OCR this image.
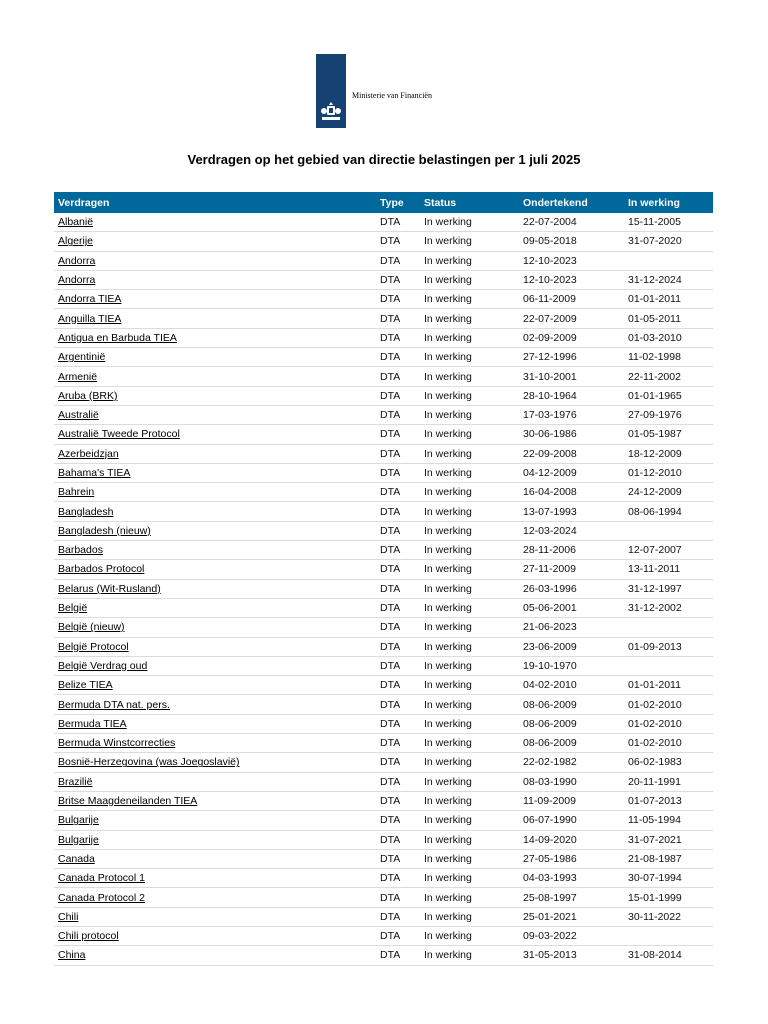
Ministerie van Financiën
Verdragen op het gebied van directie belastingen per 1 juli 2025
Verdragen	Type	Status	Ondertekend	In werking
Albanië	DTA	In werking	22-07-2004	15-11-2005
Algerije	DTA	In werking	09-05-2018	31-07-2020
Andorra	DTA	In werking	12-10-2023	
Andorra	DTA	In werking	12-10-2023	31-12-2024
Andorra TIEA	DTA	In werking	06-11-2009	01-01-2011
Anguilla TIEA	DTA	In werking	22-07-2009	01-05-2011
Antigua en Barbuda TIEA	DTA	In werking	02-09-2009	01-03-2010
Argentinië	DTA	In werking	27-12-1996	11-02-1998
Armenië	DTA	In werking	31-10-2001	22-11-2002
Aruba (BRK)	DTA	In werking	28-10-1964	01-01-1965
Australië	DTA	In werking	17-03-1976	27-09-1976
Australië Tweede Protocol	DTA	In werking	30-06-1986	01-05-1987
Azerbeidzjan	DTA	In werking	22-09-2008	18-12-2009
Bahama's TIEA	DTA	In werking	04-12-2009	01-12-2010
Bahrein	DTA	In werking	16-04-2008	24-12-2009
Bangladesh	DTA	In werking	13-07-1993	08-06-1994
Bangladesh (nieuw)	DTA	In werking	12-03-2024	
Barbados	DTA	In werking	28-11-2006	12-07-2007
Barbados Protocol	DTA	In werking	27-11-2009	13-11-2011
Belarus (Wit-Rusland)	DTA	In werking	26-03-1996	31-12-1997
België	DTA	In werking	05-06-2001	31-12-2002
België (nieuw)	DTA	In werking	21-06-2023	
België Protocol	DTA	In werking	23-06-2009	01-09-2013
België Verdrag oud	DTA	In werking	19-10-1970	
Belize TIEA	DTA	In werking	04-02-2010	01-01-2011
Bermuda DTA nat. pers.	DTA	In werking	08-06-2009	01-02-2010
Bermuda TIEA	DTA	In werking	08-06-2009	01-02-2010
Bermuda Winstcorrecties	DTA	In werking	08-06-2009	01-02-2010
Bosnië-Herzegovina (was Joegoslavië)	DTA	In werking	22-02-1982	06-02-1983
Brazilië	DTA	In werking	08-03-1990	20-11-1991
Britse Maagdeneilanden TIEA	DTA	In werking	11-09-2009	01-07-2013
Bulgarije	DTA	In werking	06-07-1990	11-05-1994
Bulgarije	DTA	In werking	14-09-2020	31-07-2021
Canada	DTA	In werking	27-05-1986	21-08-1987
Canada Protocol 1	DTA	In werking	04-03-1993	30-07-1994
Canada Protocol 2	DTA	In werking	25-08-1997	15-01-1999
Chili	DTA	In werking	25-01-2021	30-11-2022
Chili protocol	DTA	In werking	09-03-2022	
China	DTA	In werking	31-05-2013	31-08-2014
